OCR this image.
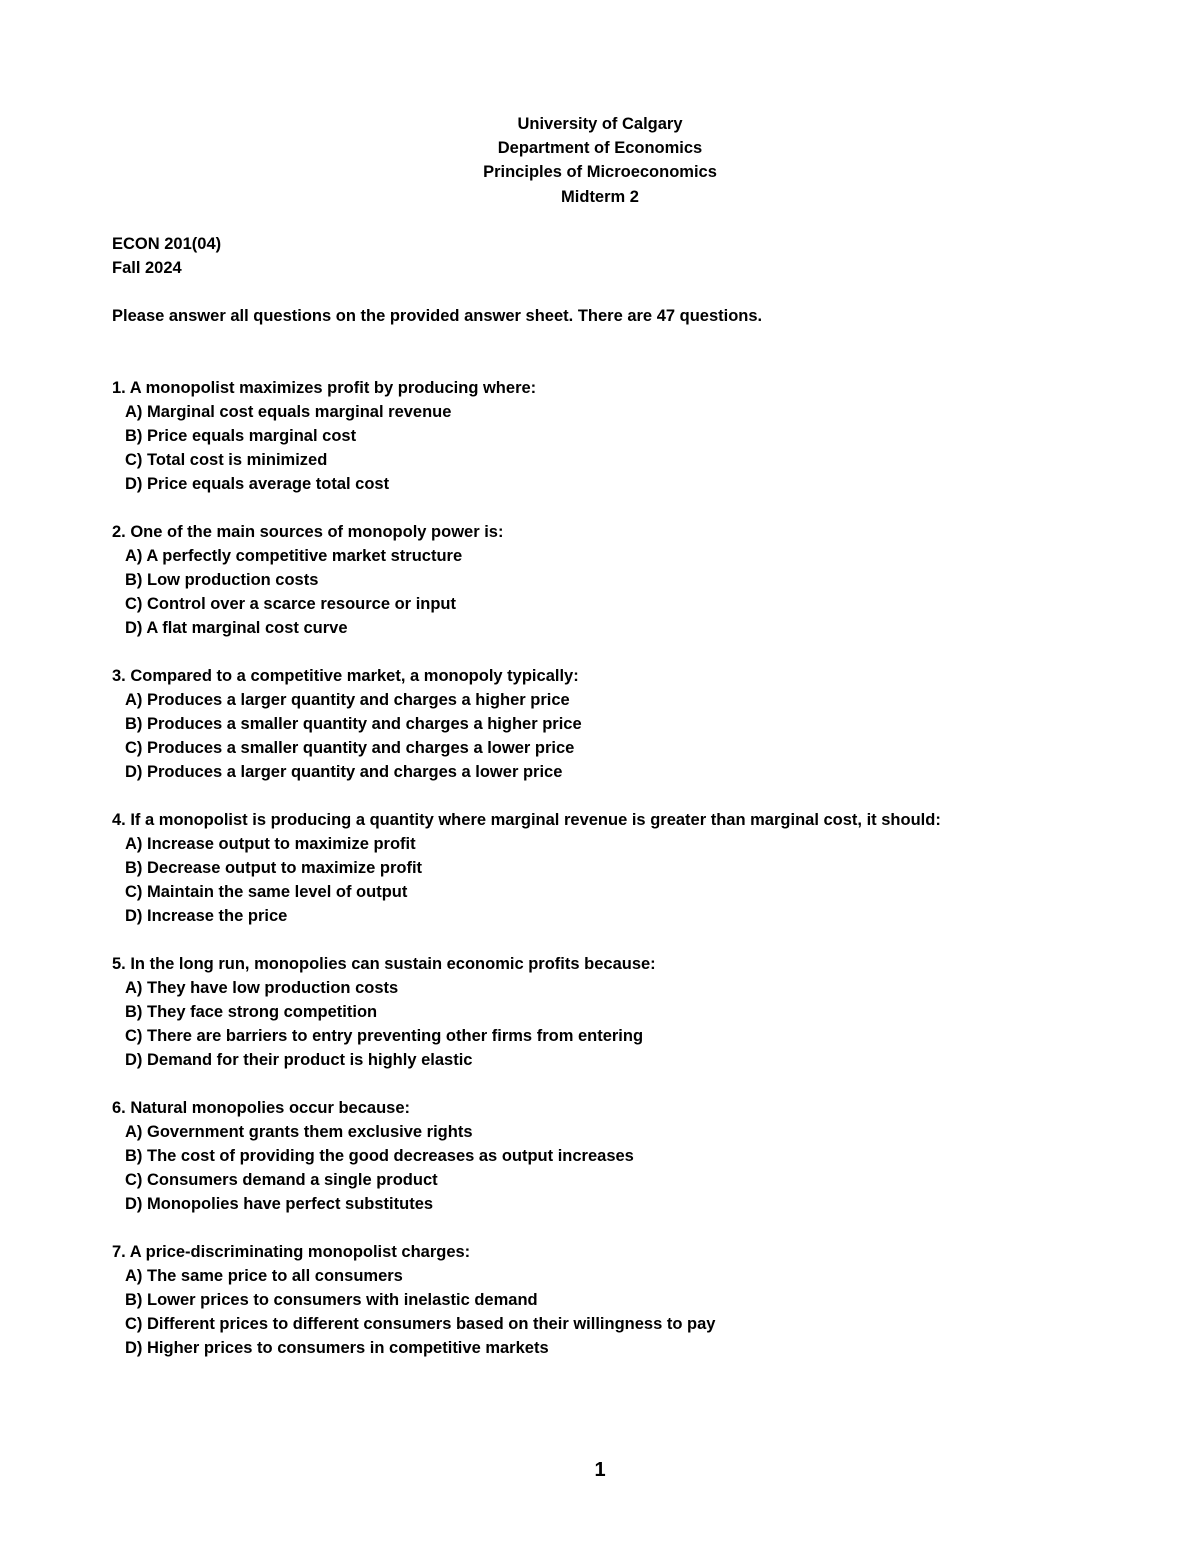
University of Calgary
Department of Economics
Principles of Microeconomics
Midterm 2
ECON 201(04)
Fall 2024
Please answer all questions on the provided answer sheet. There are 47 questions.
1. A monopolist maximizes profit by producing where:
A) Marginal cost equals marginal revenue
B) Price equals marginal cost
C) Total cost is minimized
D) Price equals average total cost
2. One of the main sources of monopoly power is:
A) A perfectly competitive market structure
B) Low production costs
C) Control over a scarce resource or input
D) A flat marginal cost curve
3. Compared to a competitive market, a monopoly typically:
A) Produces a larger quantity and charges a higher price
B) Produces a smaller quantity and charges a higher price
C) Produces a smaller quantity and charges a lower price
D) Produces a larger quantity and charges a lower price
4. If a monopolist is producing a quantity where marginal revenue is greater than marginal cost, it should:
A) Increase output to maximize profit
B) Decrease output to maximize profit
C) Maintain the same level of output
D) Increase the price
5. In the long run, monopolies can sustain economic profits because:
A) They have low production costs
B) They face strong competition
C) There are barriers to entry preventing other firms from entering
D) Demand for their product is highly elastic
6. Natural monopolies occur because:
A) Government grants them exclusive rights
B) The cost of providing the good decreases as output increases
C) Consumers demand a single product
D) Monopolies have perfect substitutes
7. A price-discriminating monopolist charges:
A) The same price to all consumers
B) Lower prices to consumers with inelastic demand
C) Different prices to different consumers based on their willingness to pay
D) Higher prices to consumers in competitive markets
1
